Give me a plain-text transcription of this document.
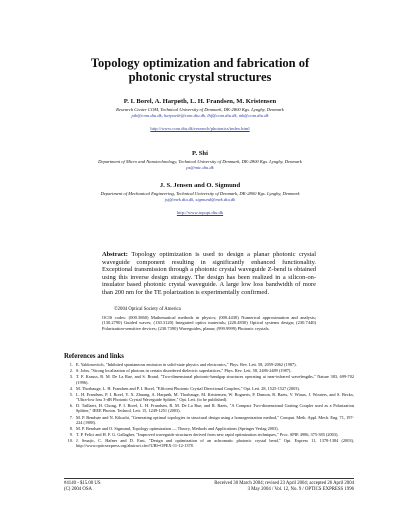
Topology optimization and fabrication of
photonic crystal structures
P. I. Borel, A. Harpøth, L. H. Frandsen, M. Kristensen
Research Center COM, Technical University of Denmark, DK-2800 Kgs. Lyngby, Denmark
pib@com.dtu.dk, harpoeth@com.dtu.dk, lhf@com.dtu.dk, mk@com.dtu.dk
http://www.com.dtu.dk/research/photonics/index.html
P. Shi
Department of Micro and Nanotechnology, Technical University of Denmark, DK-2800 Kgs. Lyngby, Denmark
ps@mic.dtu.dk
J. S. Jensen and O. Sigmund
Department of Mechanical Engineering, Technical University of Denmark, DK-2800 Kgs. Lyngby, Denmark
jsj@mek.dtu.dk, sigmund@mek.dtu.dk
http://www.topopt.dtu.dk
Abstract: Topology optimization is used to design a planar photonic crystal waveguide component resulting in significantly enhanced functionality. Exceptional transmission through a photonic crystal waveguide Z-bend is obtained using this inverse design strategy. The design has been realized in a silicon-on-insulator based photonic crystal waveguide. A large low loss bandwidth of more than 200 nm for the TE polarization is experimentally confirmed.
©2004 Optical Society of America
OCIS codes: (000.3860) Mathematical methods in physics; (000.4430) Numerical approximation and analysis; (130.2790) Guided waves; (130.3120) Integrated optics materials; (220.4830) Optical systems design; (230.7440) Polarization-sensitive devices; (230.7390) Waveguides, planar; (999.9999) Photonic crystals.
References and links
1. E. Yablonovitch, "Inhibited spontaneous emission in solid-state physics and electronics," Phys. Rev. Lett. 58, 2059-2062 (1987).
2. S. John, "Strong localization of photons in certain disordered dielectric superlattices," Phys. Rev. Lett. 58, 2486-2489 (1987).
3. T. F. Krauss, R. M. De La Rue, and S. Brand, "Two-dimensional photonic-bandgap structures operating at near-infrared wavelengths," Nature 383, 699-702 (1996).
4. M. Thorhauge, L. H. Frandsen and P. I. Borel, "Efficient Photonic Crystal Directional Couplers," Opt. Lett. 28, 1525-1527 (2003).
5. L. H. Frandsen, P. I. Borel, Y. X. Zhuang, A. Harpøth, M. Thorhauge, M. Kristensen, W. Bogaerts, P. Dumon, R. Baets, V. Wiaux, J. Wouters, and S. Beckx, "Ultra-low loss 3-dB Photonic Crystal Waveguide Splitter," Opt. Lett. (to be published).
6. D. Taillaert, H. Chong, P. I. Borel, L. H. Frandsen, R. M. De La Rue, and R. Baets, "A Compact Two-dimensional Grating Coupler used as a Polarization Splitter," IEEE Photon. Technol. Lett. 15, 1249-1251 (2003).
7. M. P. Bendsøe and N. Kikuchi, "Generating optimal topologies in structural design using a homogenization method," Comput. Meth. Appl. Mech. Eng. 71, 197-224 (1988).
8. M. P. Bendsøe and O. Sigmund, Topology optimization — Theory, Methods and Applications (Springer Verlag 2003).
9. T. P. Felici and H. F. G. Gallagher, "Improved waveguide structures derived from new rapid optimization techniques," Proc. SPIE 4986, 375-385 (2003).
10. J. Smajic, C. Hafner and D. Erni, "Design and optimization of an achromatic photonic crystal bend," Opt. Express 11, 1378-1384 (2003), http://www.opticsexpress.org/abstract.cfm?URI=OPEX-11-12-1378.
#4140 - $15.00 US	Received 30 March 2004; revised 23 April 2004; accepted 26 April 2004
(C) 2004 OSA	3 May 2004 / Vol. 12, No. 9 / OPTICS EXPRESS 1996
